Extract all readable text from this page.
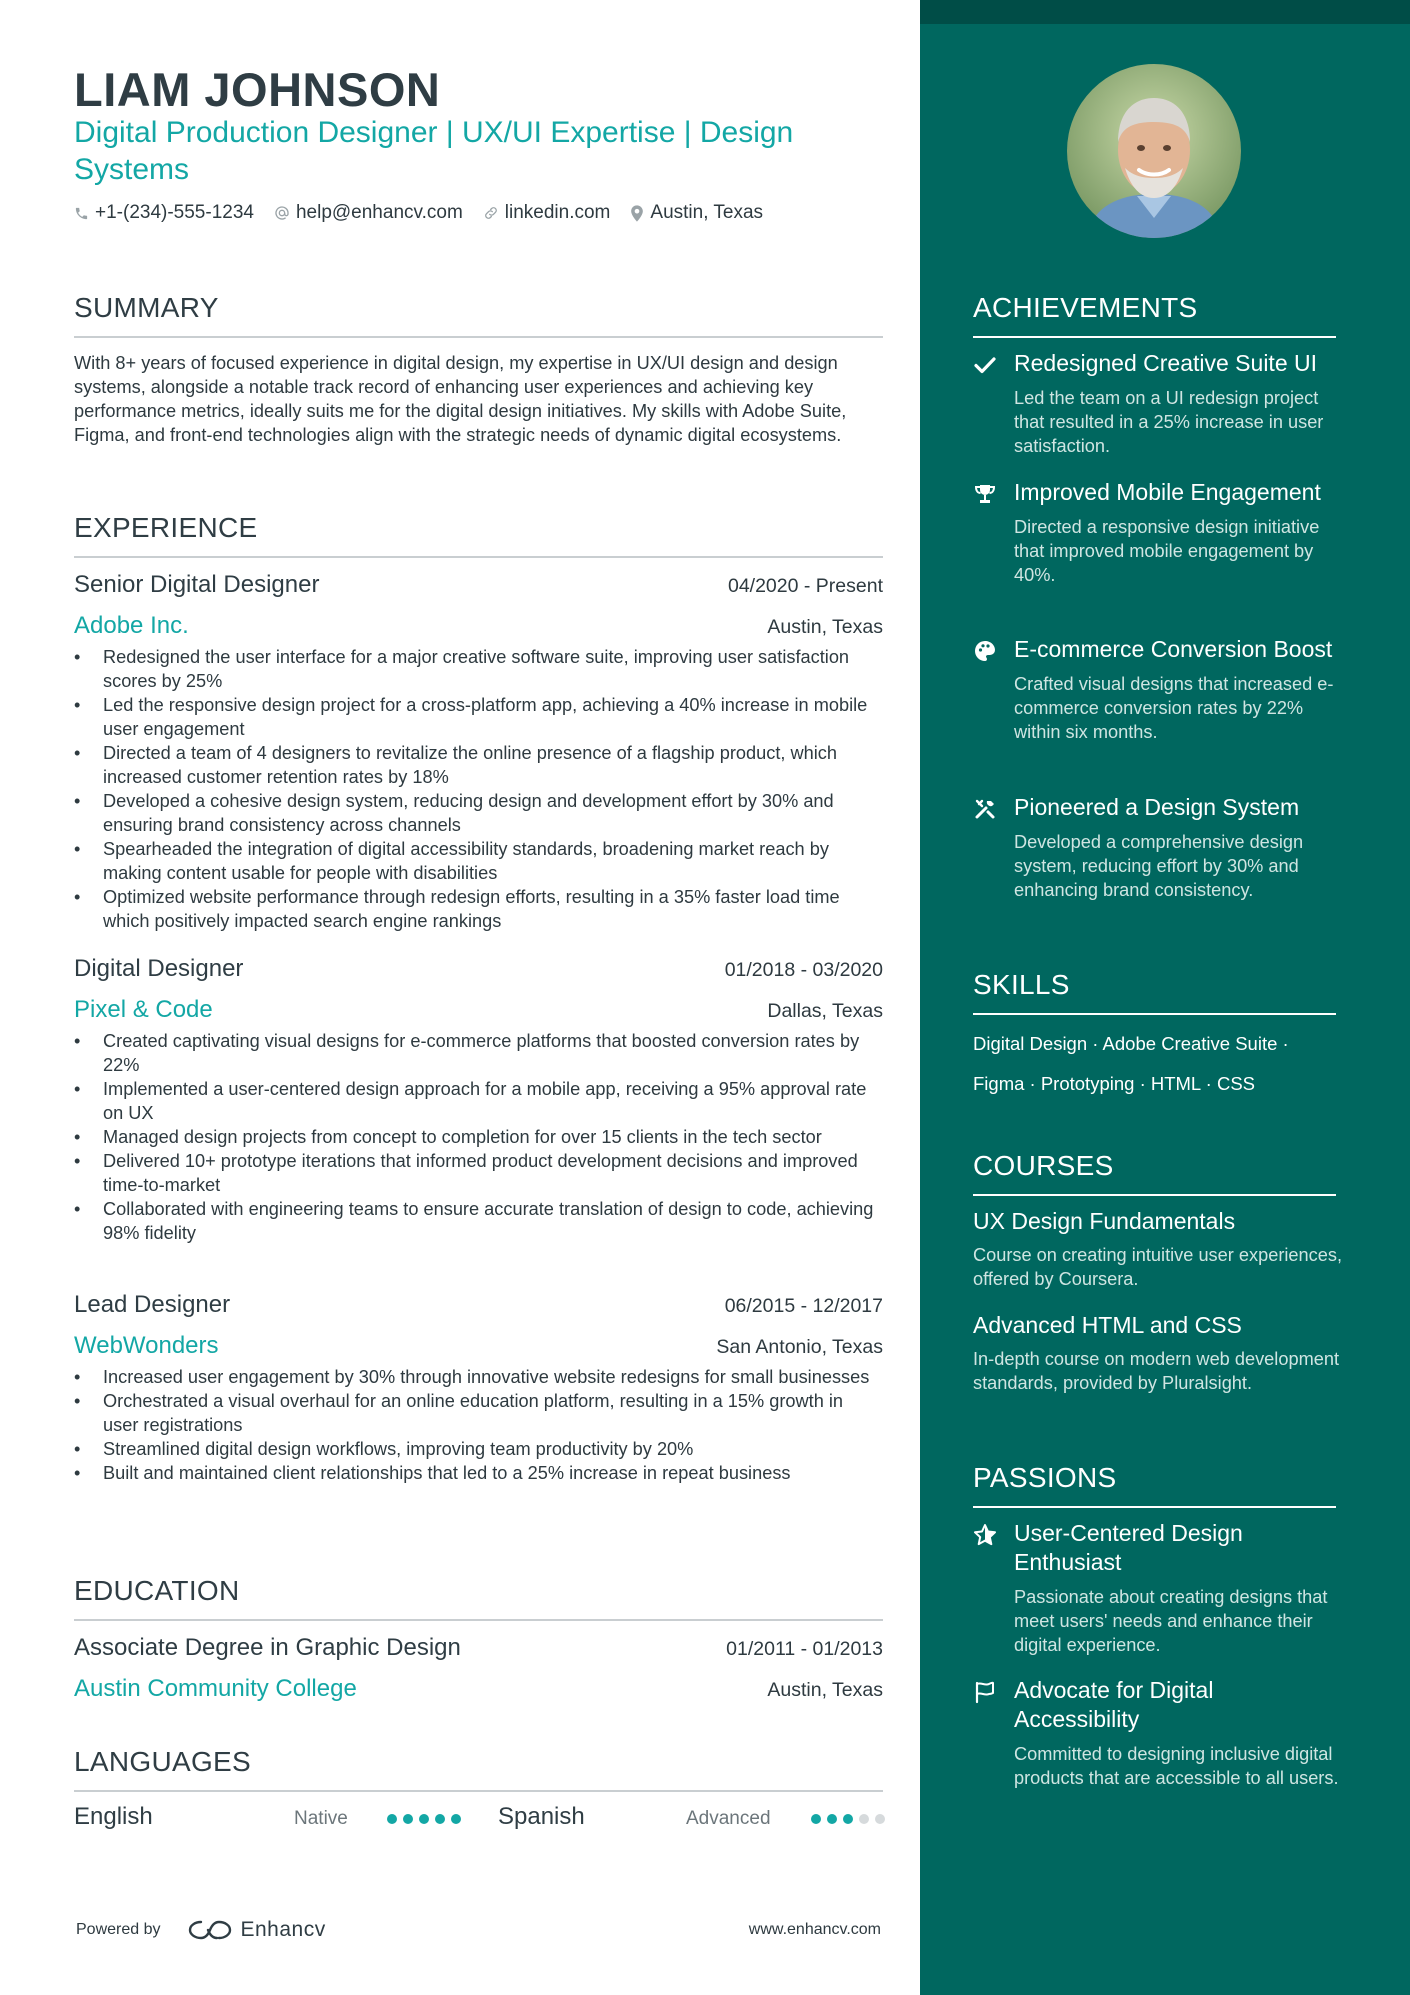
LIAM JOHNSON
Digital Production Designer | UX/UI Expertise | Design Systems
+1-(234)-555-1234 help@enhancv.com linkedin.com Austin, Texas
SUMMARY
With 8+ years of focused experience in digital design, my expertise in UX/UI design and design systems, alongside a notable track record of enhancing user experiences and achieving key performance metrics, ideally suits me for the digital design initiatives. My skills with Adobe Suite, Figma, and front-end technologies align with the strategic needs of dynamic digital ecosystems.
EXPERIENCE
Senior Digital Designer	04/2020 - Present
Adobe Inc.	Austin, Texas
• Redesigned the user interface for a major creative software suite, improving user satisfaction scores by 25%
• Led the responsive design project for a cross-platform app, achieving a 40% increase in mobile user engagement
• Directed a team of 4 designers to revitalize the online presence of a flagship product, which increased customer retention rates by 18%
• Developed a cohesive design system, reducing design and development effort by 30% and ensuring brand consistency across channels
• Spearheaded the integration of digital accessibility standards, broadening market reach by making content usable for people with disabilities
• Optimized website performance through redesign efforts, resulting in a 35% faster load time which positively impacted search engine rankings
Digital Designer	01/2018 - 03/2020
Pixel & Code	Dallas, Texas
• Created captivating visual designs for e-commerce platforms that boosted conversion rates by 22%
• Implemented a user-centered design approach for a mobile app, receiving a 95% approval rate on UX
• Managed design projects from concept to completion for over 15 clients in the tech sector
• Delivered 10+ prototype iterations that informed product development decisions and improved time-to-market
• Collaborated with engineering teams to ensure accurate translation of design to code, achieving 98% fidelity
Lead Designer	06/2015 - 12/2017
WebWonders	San Antonio, Texas
• Increased user engagement by 30% through innovative website redesigns for small businesses
• Orchestrated a visual overhaul for an online education platform, resulting in a 15% growth in user registrations
• Streamlined digital design workflows, improving team productivity by 20%
• Built and maintained client relationships that led to a 25% increase in repeat business
EDUCATION
Associate Degree in Graphic Design	01/2011 - 01/2013
Austin Community College	Austin, Texas
LANGUAGES
English	Native	Spanish	Advanced
Powered by	Enhancv	www.enhancv.com
ACHIEVEMENTS
Redesigned Creative Suite UI
Led the team on a UI redesign project that resulted in a 25% increase in user satisfaction.
Improved Mobile Engagement
Directed a responsive design initiative that improved mobile engagement by 40%.
E-commerce Conversion Boost
Crafted visual designs that increased e-commerce conversion rates by 22% within six months.
Pioneered a Design System
Developed a comprehensive design system, reducing effort by 30% and enhancing brand consistency.
SKILLS
Digital Design · Adobe Creative Suite ·
Figma · Prototyping · HTML · CSS
COURSES
UX Design Fundamentals
Course on creating intuitive user experiences, offered by Coursera.
Advanced HTML and CSS
In-depth course on modern web development standards, provided by Pluralsight.
PASSIONS
User-Centered Design Enthusiast
Passionate about creating designs that meet users' needs and enhance their digital experience.
Advocate for Digital Accessibility
Committed to designing inclusive digital products that are accessible to all users.
